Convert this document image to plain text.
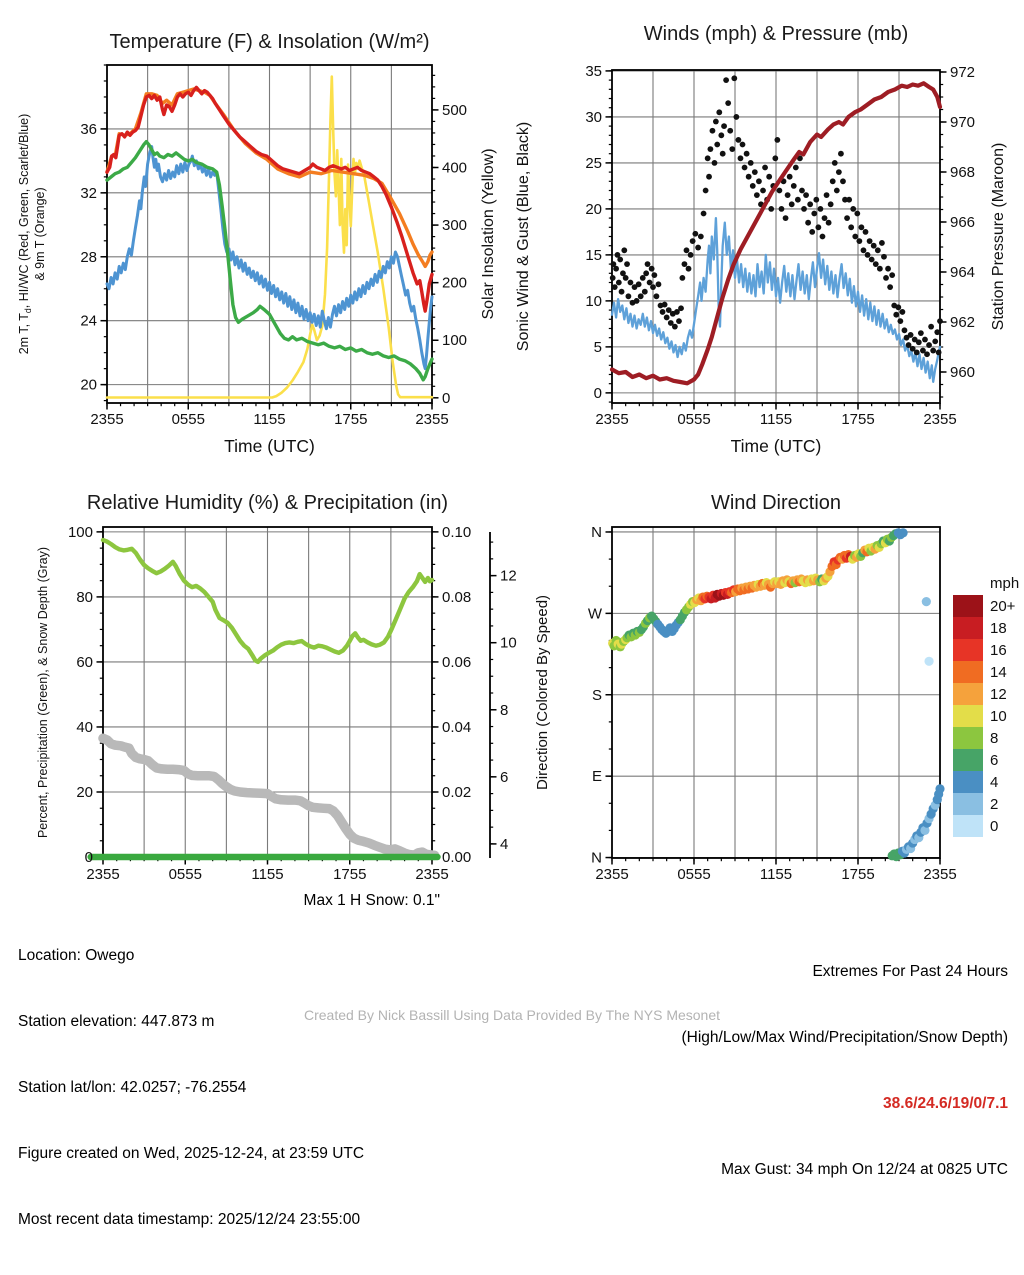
2355	0555	1155	1755	2355
20
24
28
32
36
0
100
200
300
400
500
Temperature (F) & Insolation (W/m²)
Time (UTC)
2m T, $T_d$, HI/WC (Red, Green, Scarlet/Blue) & 9m T (Orange)	Solar Insolation (Yellow)
2355	0555	1155	1755	2355
0
5
10
15
20
25
30
35
960
962
964
966
968
970
972
Winds (mph) & Pressure (mb)
Time (UTC)
Sonic Wind & Gust (Blue, Black)	Station Pressure (Maroon)
2355	0555	1155	1755	2355
0
20
40
60
80
100
0.00
0.02
0.04
0.06
0.08
0.10
4
6
8
10
12
Relative Humidity (%) & Precipitation (in)
Percent, Precipitation (Green), & Snow Depth (Gray)
2355	0555	1155	1755	2355
N
W
S
E
N
Wind Direction
Direction (Colored By Speed)
mph
20+
18
16
14
12
10
8
6
4
2
0

Location: Owego

Station elevation: 447.873 m

Station lat/lon: 42.0257; -76.2554

Figure created on Wed, 2025-12-24, at 23:59 UTC

Most recent data timestamp: 2025/12/24 23:55:00

Max 1 H Snow: 0.1"

Extremes For Past 24 Hours

(High/Low/Max Wind/Precipitation/Snow Depth)

38.6/24.6/19/0/7.1

Max Gust: 34 mph On 12/24 at 0825 UTC

Created By Nick Bassill Using Data Provided By The NYS Mesonet
